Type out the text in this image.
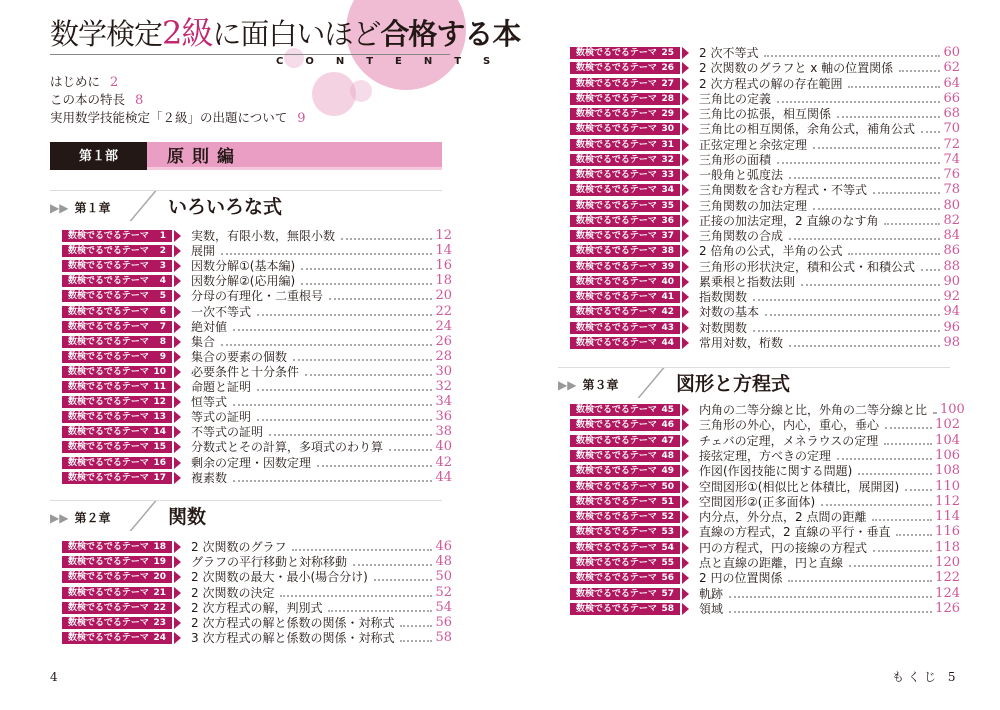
数学検定2級に面白いほど合格する本
CONTENTS
はじめに 2
この本の特長 8
実用数学技能検定「２級」の出題について 9
第１部	原則編
▶▶ 第１章	いろいろな式
数検でるでるテーマ 1 実数，有限小数，無限小数	12
数検でるでるテーマ 2 展開	14
数検でるでるテーマ 3 因数分解①(基本編)	16
数検でるでるテーマ 4 因数分解②(応用編)	18
数検でるでるテーマ 5 分母の有理化・二重根号	20
数検でるでるテーマ 6 一次不等式	22
数検でるでるテーマ 7 絶対値	24
数検でるでるテーマ 8 集合	26
数検でるでるテーマ 9 集合の要素の個数	28
数検でるでるテーマ 10 必要条件と十分条件	30
数検でるでるテーマ 11 命題と証明	32
数検でるでるテーマ 12 恒等式	34
数検でるでるテーマ 13 等式の証明	36
数検でるでるテーマ 14 不等式の証明	38
数検でるでるテーマ 15 分数式とその計算，多項式のわり算	40
数検でるでるテーマ 16 剰余の定理・因数定理	42
数検でるでるテーマ 17 複素数	44
▶▶ 第２章	関数
数検でるでるテーマ 18 2 次関数のグラフ	46
数検でるでるテーマ 19 グラフの平行移動と対称移動	48
数検でるでるテーマ 20 2 次関数の最大・最小(場合分け)	50
数検でるでるテーマ 21 2 次関数の決定	52
数検でるでるテーマ 22 2 次方程式の解，判別式	54
数検でるでるテーマ 23 2 次方程式の解と係数の関係・対称式	56
数検でるでるテーマ 24 3 次方程式の解と係数の関係・対称式	58
数検でるでるテーマ 25 2 次不等式	60
数検でるでるテーマ 26 2 次関数のグラフと x 軸の位置関係	62
数検でるでるテーマ 27 2 次方程式の解の存在範囲	64
数検でるでるテーマ 28 三角比の定義	66
数検でるでるテーマ 29 三角比の拡張，相互関係	68
数検でるでるテーマ 30 三角比の相互関係，余角公式，補角公式 70
数検でるでるテーマ 31 正弦定理と余弦定理	72
数検でるでるテーマ 32 三角形の面積	74
数検でるでるテーマ 33 一般角と弧度法	76
数検でるでるテーマ 34 三角関数を含む方程式・不等式	78
数検でるでるテーマ 35 三角関数の加法定理	80
数検でるでるテーマ 36 正接の加法定理，2 直線のなす角	82
数検でるでるテーマ 37 三角関数の合成	84
数検でるでるテーマ 38 2 倍角の公式，半角の公式	86
数検でるでるテーマ 39 三角形の形状決定，積和公式・和積公式 88
数検でるでるテーマ 40 累乗根と指数法則	90
数検でるでるテーマ 41 指数関数	92
数検でるでるテーマ 42 対数の基本	94
数検でるでるテーマ 43 対数関数	96
数検でるでるテーマ 44 常用対数，桁数	98
▶▶ 第３章	図形と方程式
数検でるでるテーマ 45 内角の二等分線と比，外角の二等分線と比 100
数検でるでるテーマ 46 三角形の外心，内心，重心，垂心	102
数検でるでるテーマ 47 チェバの定理，メネラウスの定理	104
数検でるでるテーマ 48 接弦定理，方べきの定理	106
数検でるでるテーマ 49 作図(作図技能に関する問題)	108
数検でるでるテーマ 50 空間図形①(相似比と体積比，展開図)	110
数検でるでるテーマ 51 空間図形②(正多面体)	112
数検でるでるテーマ 52 内分点，外分点，2 点間の距離	114
数検でるでるテーマ 53 直線の方程式，2 直線の平行・垂直	116
数検でるでるテーマ 54 円の方程式，円の接線の方程式	118
数検でるでるテーマ 55 点と直線の距離，円と直線	120
数検でるでるテーマ 56 2 円の位置関係	122
数検でるでるテーマ 57 軌跡	124
数検でるでるテーマ 58 領域	126
4	もくじ 5
